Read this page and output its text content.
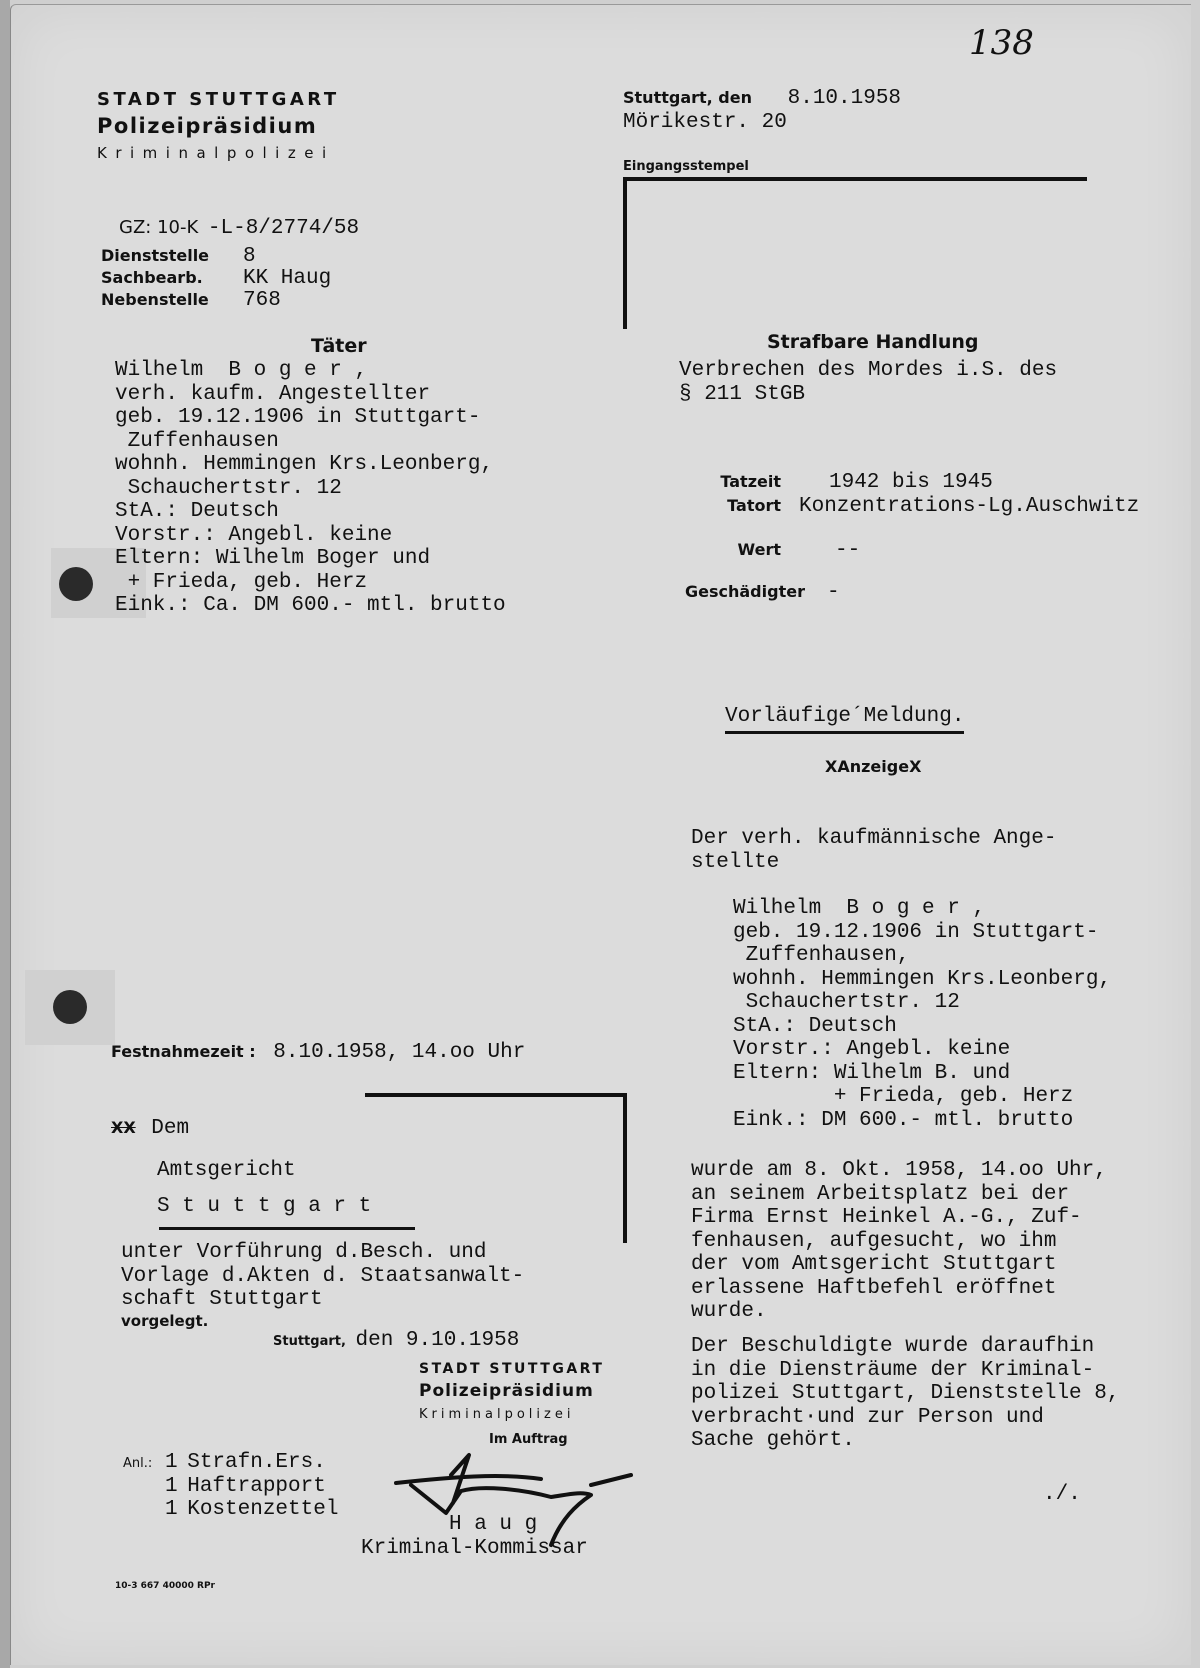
138
STADT STUTTGART
Polizeipräsidium
Kriminalpolizei
Stuttgart, den 8.10.1958
Mörikestr. 20
Eingangsstempel
GZ: 10-K -L-8/2774/58
Dienststelle 8
Sachbearb. KK Haug
Nebenstelle 768
Täter
Wilhelm  B o g e r ,
verh. kaufm. Angestellter
geb. 19.12.1906 in Stuttgart-
Zuffenhausen
wohnh. Hemmingen Krs.Leonberg,
Schauchertstr. 12
StA.: Deutsch
Vorstr.: Angebl. keine
Eltern: Wilhelm Boger und
+ Frieda, geb. Herz
Eink.: Ca. DM 600.- mtl. brutto
Strafbare Handlung
Verbrechen des Mordes i.S. des
§ 211 StGB
Tatzeit 1942 bis 1945
Tatort Konzentrations-Lg.Auschwitz
Wert	--
Geschädigter -
Vorläufige´Meldung.
XAnzeigeX
Der verh. kaufmännische Ange-
stellte
Wilhelm  B o g e r ,
geb. 19.12.1906 in Stuttgart-
Zuffenhausen,
wohnh. Hemmingen Krs.Leonberg,
Schauchertstr. 12
StA.: Deutsch
Vorstr.: Angebl. keine
Eltern: Wilhelm B. und
+ Frieda, geb. Herz
Eink.: DM 600.- mtl. brutto
wurde am 8. Okt. 1958, 14.oo Uhr,
an seinem Arbeitsplatz bei der
Firma Ernst Heinkel A.-G., Zuf-
fenhausen, aufgesucht, wo ihm
der vom Amtsgericht Stuttgart
erlassene Haftbefehl eröffnet
wurde.
Der Beschuldigte wurde daraufhin
in die Diensträume der Kriminal-
polizei Stuttgart, Dienststelle 8,
verbracht·und zur Person und
Sache gehört.
./.
Festnahmezeit : 8.10.1958, 14.oo Uhr
XX Dem
Amtsgericht
S t u t t g a r t
unter Vorführung d.Besch. und
Vorlage d.Akten d. Staatsanwalt-
schaft Stuttgart
vorgelegt.
Stuttgart, den 9.10.1958
STADT STUTTGART
Polizeipräsidium
Kriminalpolizei
Im Auftrag
Anl.: 1 Strafn.Ers.
1 Haftrapport
1 Kostenzettel
H a u g
Kriminal-Kommissar
10-3 667 40000 RPr
